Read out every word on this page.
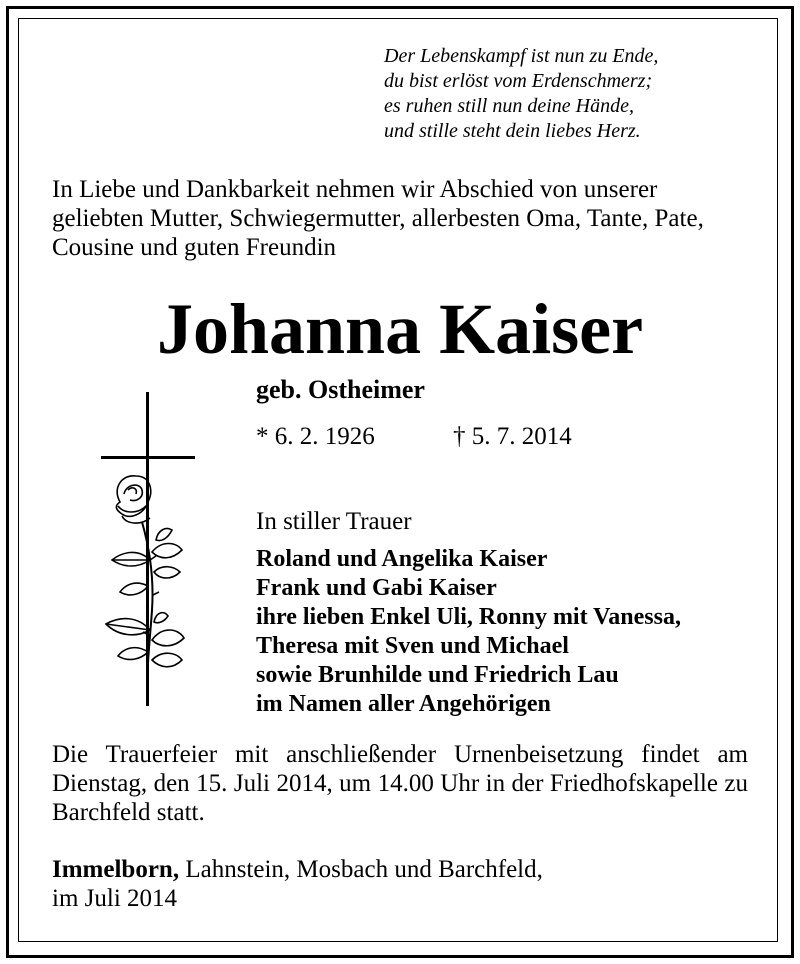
Der Lebenskampf ist nun zu Ende,
du bist erlöst vom Erdenschmerz;
es ruhen still nun deine Hände,
und stille steht dein liebes Herz.
In Liebe und Dankbarkeit nehmen wir Abschied von unserer geliebten Mutter, Schwiegermutter, allerbesten Oma, Tante, Pate, Cousine und guten Freundin
Johanna Kaiser
geb. Ostheimer
* 6. 2. 1926	† 5. 7. 2014
In stiller Trauer
Roland und Angelika Kaiser
Frank und Gabi Kaiser
ihre lieben Enkel Uli, Ronny mit Vanessa,
Theresa mit Sven und Michael
sowie Brunhilde und Friedrich Lau
im Namen aller Angehörigen
Die Trauerfeier mit anschließender Urnenbeisetzung findet am Dienstag, den 15. Juli 2014, um 14.00 Uhr in der Friedhofskapelle zu Barchfeld statt.
Immelborn, Lahnstein, Mosbach und Barchfeld,
im Juli 2014
